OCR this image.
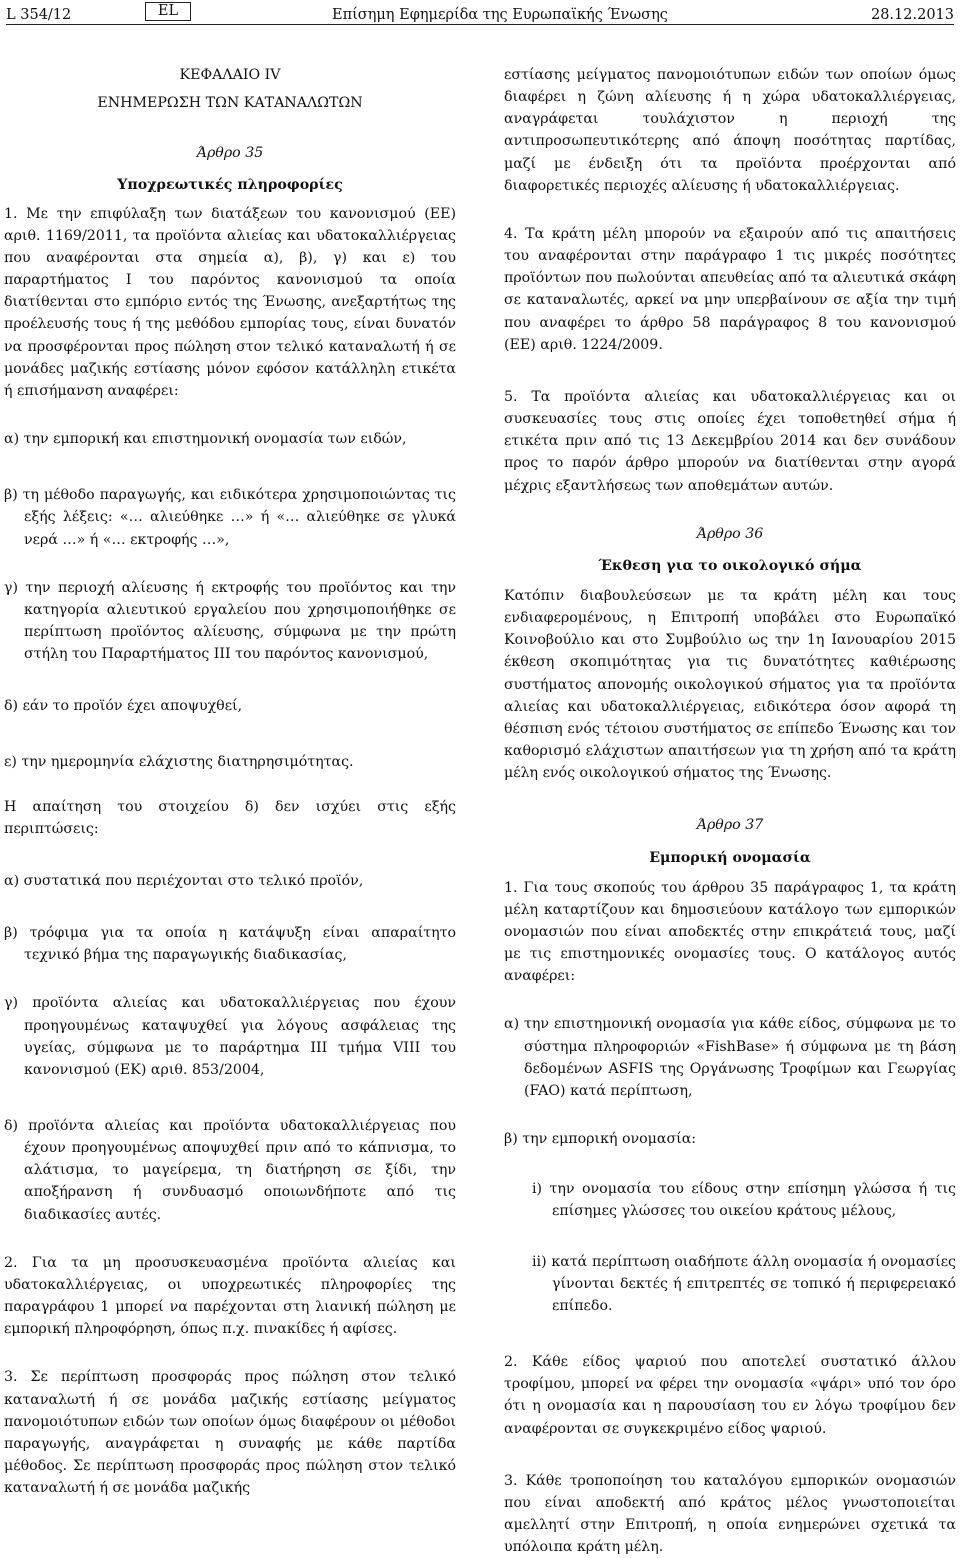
L 354/12	EL	Επίσημη Εφημερίδα της Ευρωπαϊκής Ένωσης	28.12.2013

ΚΕΦΑΛΑΙΟ IV

ΕΝΗΜΕΡΩΣΗ ΤΩΝ ΚΑΤΑΝΑΛΩΤΩΝ

Άρθρο 35

Υποχρεωτικές πληροφορίες

1. Με την επιφύλαξη των διατάξεων του κανονισμού (ΕΕ) αριθ. 1169/2011, τα προϊόντα αλιείας και υδατοκαλλιέργειας που αναφέρονται στα σημεία α), β), γ) και ε) του παραρτήματος Ι του παρόντος κανονισμού τα οποία διατίθενται στο εμπόριο εντός της Ένωσης, ανεξαρτήτως της προέλευσής τους ή της μεθόδου εμπορίας τους, είναι δυνατόν να προσφέρονται προς πώληση στον τελικό καταναλωτή ή σε μονάδες μαζικής εστίασης μόνον εφόσον κατάλληλη ετικέτα ή επισήμανση αναφέρει:

α) την εμπορική και επιστημονική ονομασία των ειδών,

β) τη μέθοδο παραγωγής, και ειδικότερα χρησιμοποιώντας τις εξής λέξεις: «… αλιεύθηκε …» ή «… αλιεύθηκε σε γλυκά νερά …» ή «… εκτροφής …»,

γ) την περιοχή αλίευσης ή εκτροφής του προϊόντος και την κατηγορία αλιευτικού εργαλείου που χρησιμοποιήθηκε σε περίπτωση προϊόντος αλίευσης, σύμφωνα με την πρώτη στήλη του Παραρτήματος ΙΙΙ του παρόντος κανονισμού,

δ) εάν το προϊόν έχει αποψυχθεί,

ε) την ημερομηνία ελάχιστης διατηρησιμότητας.

Η απαίτηση του στοιχείου δ) δεν ισχύει στις εξής περιπτώσεις:

α) συστατικά που περιέχονται στο τελικό προϊόν,

β) τρόφιμα για τα οποία η κατάψυξη είναι απαραίτητο τεχνικό βήμα της παραγωγικής διαδικασίας,

γ) προϊόντα αλιείας και υδατοκαλλιέργειας που έχουν προηγουμένως καταψυχθεί για λόγους ασφάλειας της υγείας, σύμφωνα με το παράρτημα ΙΙΙ τμήμα VIII του κανονισμού (ΕΚ) αριθ. 853/2004,

δ) προϊόντα αλιείας και προϊόντα υδατοκαλλιέργειας που έχουν προηγουμένως αποψυχθεί πριν από το κάπνισμα, το αλάτισμα, το μαγείρεμα, τη διατήρηση σε ξίδι, την αποξήρανση ή συνδυασμό οποιωνδήποτε από τις διαδικασίες αυτές.

2. Για τα μη προσυσκευασμένα προϊόντα αλιείας και υδατοκαλλιέργειας, οι υποχρεωτικές πληροφορίες της παραγράφου 1 μπορεί να παρέχονται στη λιανική πώληση με εμπορική πληροφόρηση, όπως π.χ. πινακίδες ή αφίσες.

3. Σε περίπτωση προσφοράς προς πώληση στον τελικό καταναλωτή ή σε μονάδα μαζικής εστίασης μείγματος πανομοιότυπων ειδών των οποίων όμως διαφέρουν οι μέθοδοι παραγωγής, αναγράφεται η συναφής με κάθε παρτίδα μέθοδος. Σε περίπτωση προσφοράς προς πώληση στον τελικό καταναλωτή ή σε μονάδα μαζικής

εστίασης μείγματος πανομοιότυπων ειδών των οποίων όμως διαφέρει η ζώνη αλίευσης ή η χώρα υδατοκαλλιέργειας, αναγράφεται τουλάχιστον η περιοχή της αντιπροσωπευτικότερης από άποψη ποσότητας παρτίδας, μαζί με ένδειξη ότι τα προϊόντα προέρχονται από διαφορετικές περιοχές αλίευσης ή υδατοκαλλιέργειας.

4. Τα κράτη μέλη μπορούν να εξαιρούν από τις απαιτήσεις του αναφέρονται στην παράγραφο 1 τις μικρές ποσότητες προϊόντων που πωλούνται απευθείας από τα αλιευτικά σκάφη σε καταναλωτές, αρκεί να μην υπερβαίνουν σε αξία την τιμή που αναφέρει το άρθρο 58 παράγραφος 8 του κανονισμού (ΕΕ) αριθ. 1224/2009.

5. Τα προϊόντα αλιείας και υδατοκαλλιέργειας και οι συσκευασίες τους στις οποίες έχει τοποθετηθεί σήμα ή ετικέτα πριν από τις 13 Δεκεμβρίου 2014 και δεν συνάδουν προς το παρόν άρθρο μπορούν να διατίθενται στην αγορά μέχρις εξαντλήσεως των αποθεμάτων αυτών.

Άρθρο 36

Έκθεση για το οικολογικό σήμα

Κατόπιν διαβουλεύσεων με τα κράτη μέλη και τους ενδιαφερομένους, η Επιτροπή υποβάλει στο Ευρωπαϊκό Κοινοβούλιο και στο Συμβούλιο ως την 1η Ιανουαρίου 2015 έκθεση σκοπιμότητας για τις δυνατότητες καθιέρωσης συστήματος απονομής οικολογικού σήματος για τα προϊόντα αλιείας και υδατοκαλλιέργειας, ειδικότερα όσον αφορά τη θέσπιση ενός τέτοιου συστήματος σε επίπεδο Ένωσης και τον καθορισμό ελάχιστων απαιτήσεων για τη χρήση από τα κράτη μέλη ενός οικολογικού σήματος της Ένωσης.

Άρθρο 37

Εμπορική ονομασία

1. Για τους σκοπούς του άρθρου 35 παράγραφος 1, τα κράτη μέλη καταρτίζουν και δημοσιεύουν κατάλογο των εμπορικών ονομασιών που είναι αποδεκτές στην επικράτειά τους, μαζί με τις επιστημονικές ονομασίες τους. Ο κατάλογος αυτός αναφέρει:

α) την επιστημονική ονομασία για κάθε είδος, σύμφωνα με το σύστημα πληροφοριών «FishBase» ή σύμφωνα με τη βάση δεδομένων ASFIS της Οργάνωσης Τροφίμων και Γεωργίας (FAO) κατά περίπτωση,

β) την εμπορική ονομασία:

i) την ονομασία του είδους στην επίσημη γλώσσα ή τις επίσημες γλώσσες του οικείου κράτους μέλους,

ii) κατά περίπτωση οιαδήποτε άλλη ονομασία ή ονομασίες γίνονται δεκτές ή επιτρεπτές σε τοπικό ή περιφερειακό επίπεδο.

2. Κάθε είδος ψαριού που αποτελεί συστατικό άλλου τροφίμου, μπορεί να φέρει την ονομασία «ψάρι» υπό τον όρο ότι η ονομασία και η παρουσίαση του εν λόγω τροφίμου δεν αναφέρονται σε συγκεκριμένο είδος ψαριού.

3. Κάθε τροποποίηση του καταλόγου εμπορικών ονομασιών που είναι αποδεκτή από κράτος μέλος γνωστοποιείται αμελλητί στην Επιτροπή, η οποία ενημερώνει σχετικά τα υπόλοιπα κράτη μέλη.
